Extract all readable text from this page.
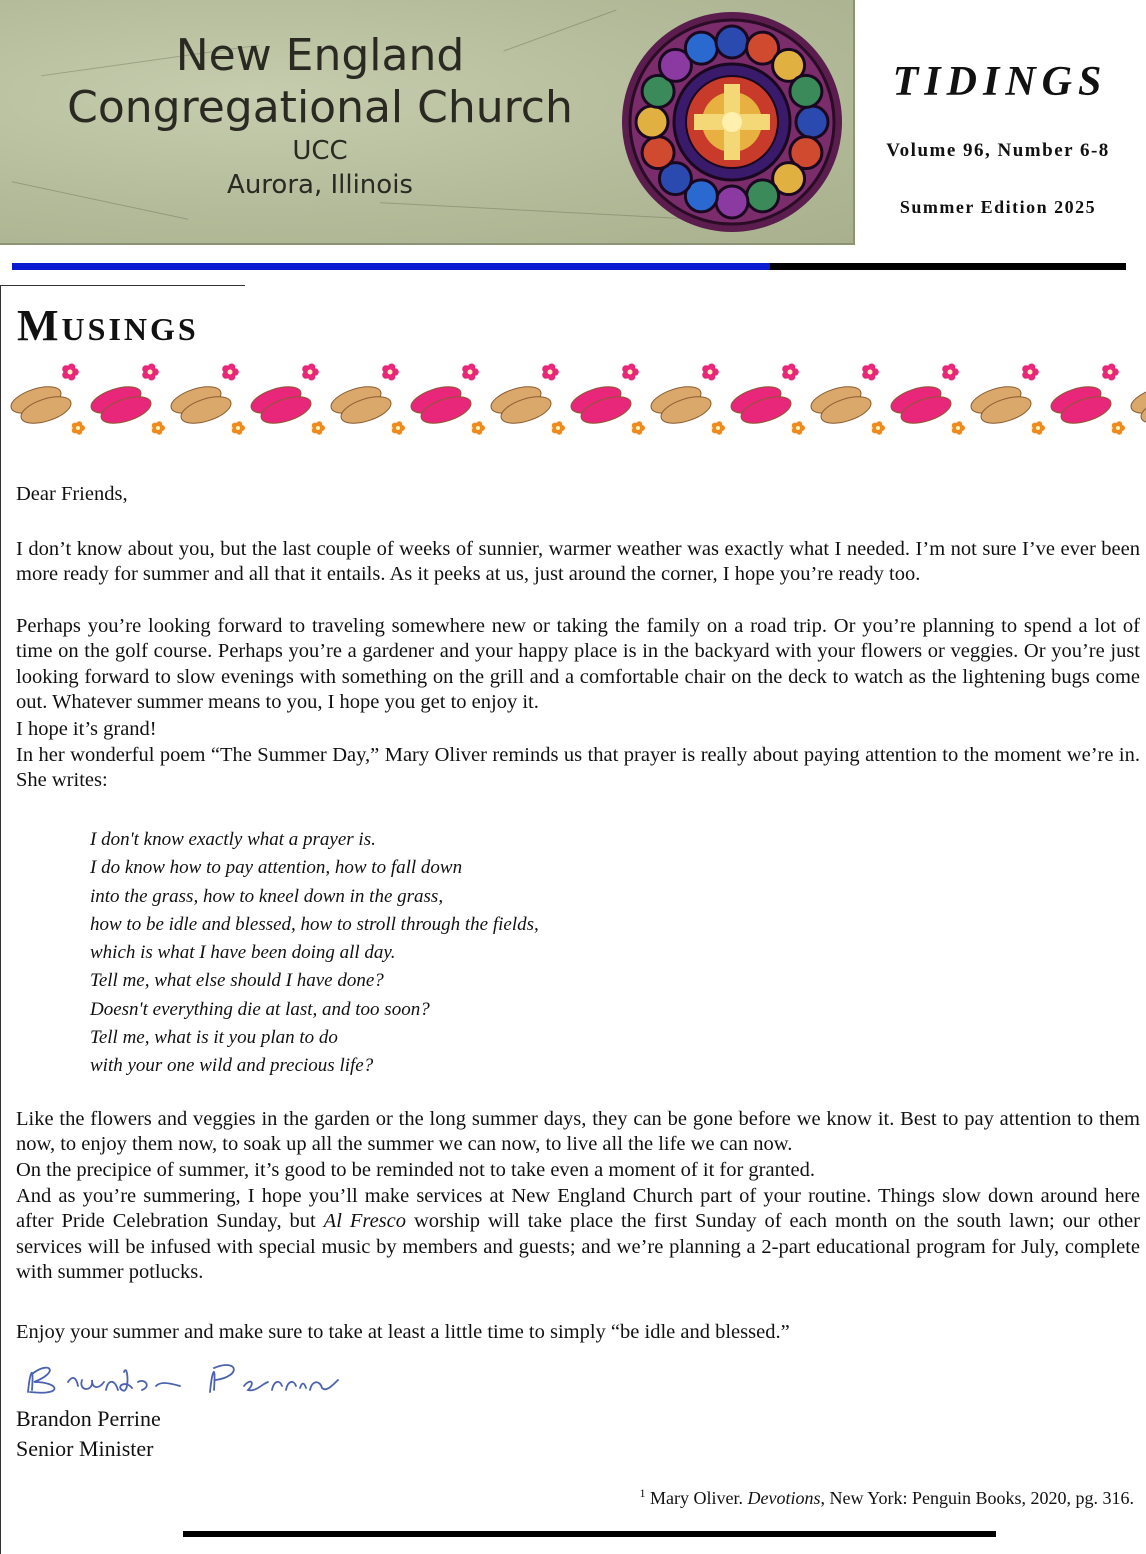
New England
Congregational Church
UCC
Aurora, Illinois
TIDINGS
Volume 96, Number 6-8
Summer Edition 2025
MUSINGS
Dear Friends,
I don’t know about you, but the last couple of weeks of sunnier, warmer weather was exactly what I needed. I’m not sure I’ve ever been more ready for summer and all that it entails. As it peeks at us, just around the corner, I hope you’re ready too.
Perhaps you’re looking forward to traveling somewhere new or taking the family on a road trip. Or you’re planning to spend a lot of time on the golf course. Perhaps you’re a gardener and your happy place is in the backyard with your flowers or veggies. Or you’re just looking forward to slow evenings with something on the grill and a comfortable chair on the deck to watch as the lightening bugs come out. Whatever summer means to you, I hope you get to enjoy it.
I hope it’s grand!
In her wonderful poem “The Summer Day,” Mary Oliver reminds us that prayer is really about paying attention to the moment we’re in. She writes:
I don't know exactly what a prayer is.
I do know how to pay attention, how to fall down
into the grass, how to kneel down in the grass,
how to be idle and blessed, how to stroll through the fields,
which is what I have been doing all day.
Tell me, what else should I have done?
Doesn't everything die at last, and too soon?
Tell me, what is it you plan to do
with your one wild and precious life?
Like the flowers and veggies in the garden or the long summer days, they can be gone before we know it. Best to pay attention to them now, to enjoy them now, to soak up all the summer we can now, to live all the life we can now.
On the precipice of summer, it’s good to be reminded not to take even a moment of it for granted.
And as you’re summering, I hope you’ll make services at New England Church part of your routine. Things slow down around here after Pride Celebration Sunday, but Al Fresco worship will take place the first Sunday of each month on the south lawn; our other services will be infused with special music by members and guests; and we’re planning a 2-part educational program for July, complete with summer potlucks.
Enjoy your summer and make sure to take at least a little time to simply “be idle and blessed.”
Brandon Perrine
Senior Minister
$^1$ Mary Oliver. Devotions, New York: Penguin Books, 2020, pg. 316.
